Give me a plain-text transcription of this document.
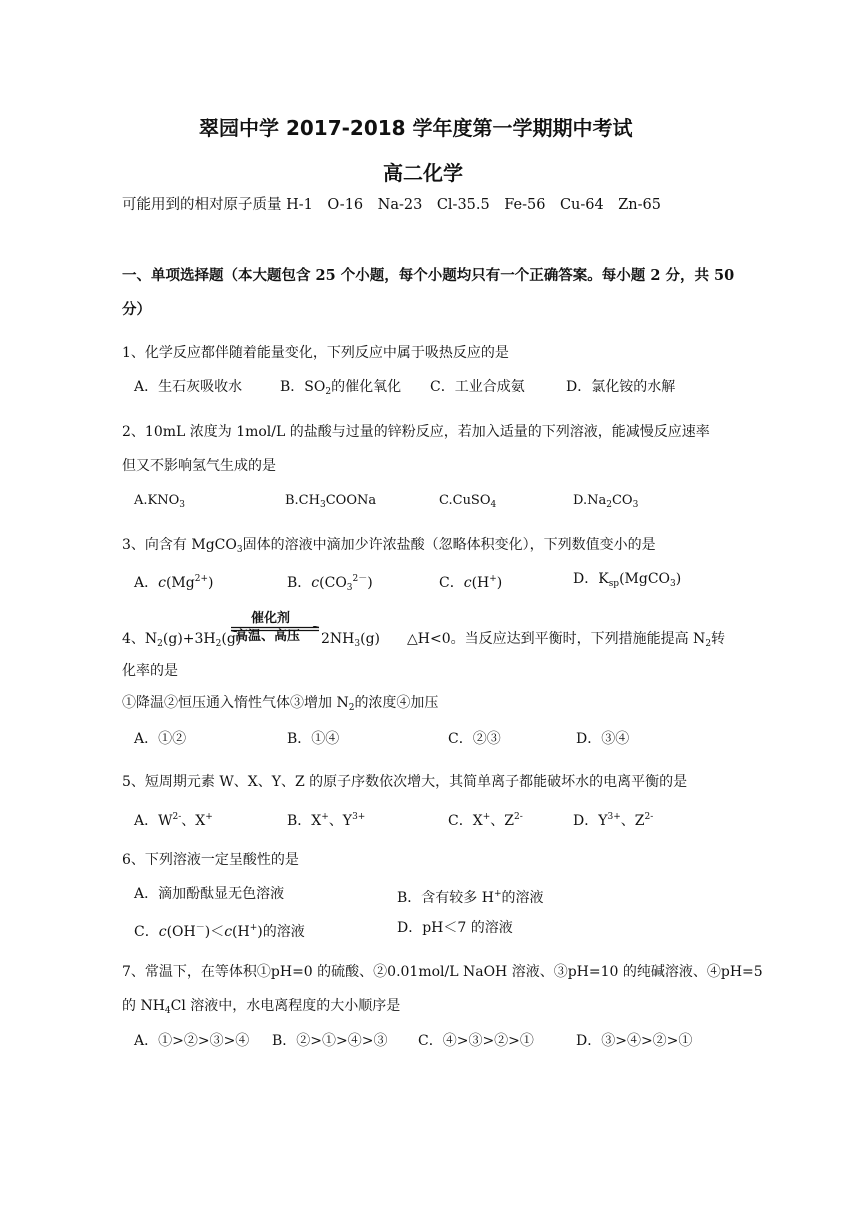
翠园中学 2017-2018 学年度第一学期期中考试
高二化学
可能用到的相对原子质量 H-1　O-16　Na-23　Cl-35.5　Fe-56　Cu-64　Zn-65
一、单项选择题（本大题包含 25 个小题，每个小题均只有一个正确答案。每小题 2 分，共 50
分）
1、化学反应都伴随着能量变化，下列反应中属于吸热反应的是
A．生石灰吸收水	B．$SO_2$的催化氧化 C．工业合成氨	D．氯化铵的水解
2、10mL 浓度为 1mol/L 的盐酸与过量的锌粉反应，若加入适量的下列溶液，能减慢反应速率
但又不影响氢气生成的是
$A.KNO_3$	$B.CH_3COONa$	C.CuSO$_4$	$D.Na_2CO_3$
3、向含有 MgCO$_3$固体的溶液中滴加少许浓盐酸（忽略体积变化），下列数值变小的是
A．$c(Mg^{2+})$	B．$c(CO_3^{2-})$	C．c(H+)	D．$K_{sp}(MgCO_3)$
4、$N_2(g)+3H_2(g)$
催化剂
高温、高压 $2NH_3(g)$ △H<0。当反应达到平衡时，下列措施能提高 $N_2$转
化率的是
①降温②恒压通入惰性气体③增加 $N_2$的浓度④加压
A．①②	B．①④	C．②③	D．③④
5、短周期元素 W、X、Y、Z 的原子序数依次增大，其简单离子都能破坏水的电离平衡的是
A．$W^{2-}$、X+	B．X+、$Y^{3+}$	C．X+、$Z^{2-}$	D．$Y^{3+}$、$Z^{2-}$
6、下列溶液一定呈酸性的是
A．滴加酚酞显无色溶液	B．含有较多 H+的溶液
C．c(OH－)＜c(H+)的溶液	D．pH＜7 的溶液
7、常温下，在等体积①pH=0 的硫酸、②0.01mol/L NaOH 溶液、③pH=10 的纯碱溶液、④pH=5
的 $NH_4Cl$ 溶液中，水电离程度的大小顺序是
A．①>②>③>④ B．②>①>④>③ C．④>③>②>①	D．③>④>②>①
